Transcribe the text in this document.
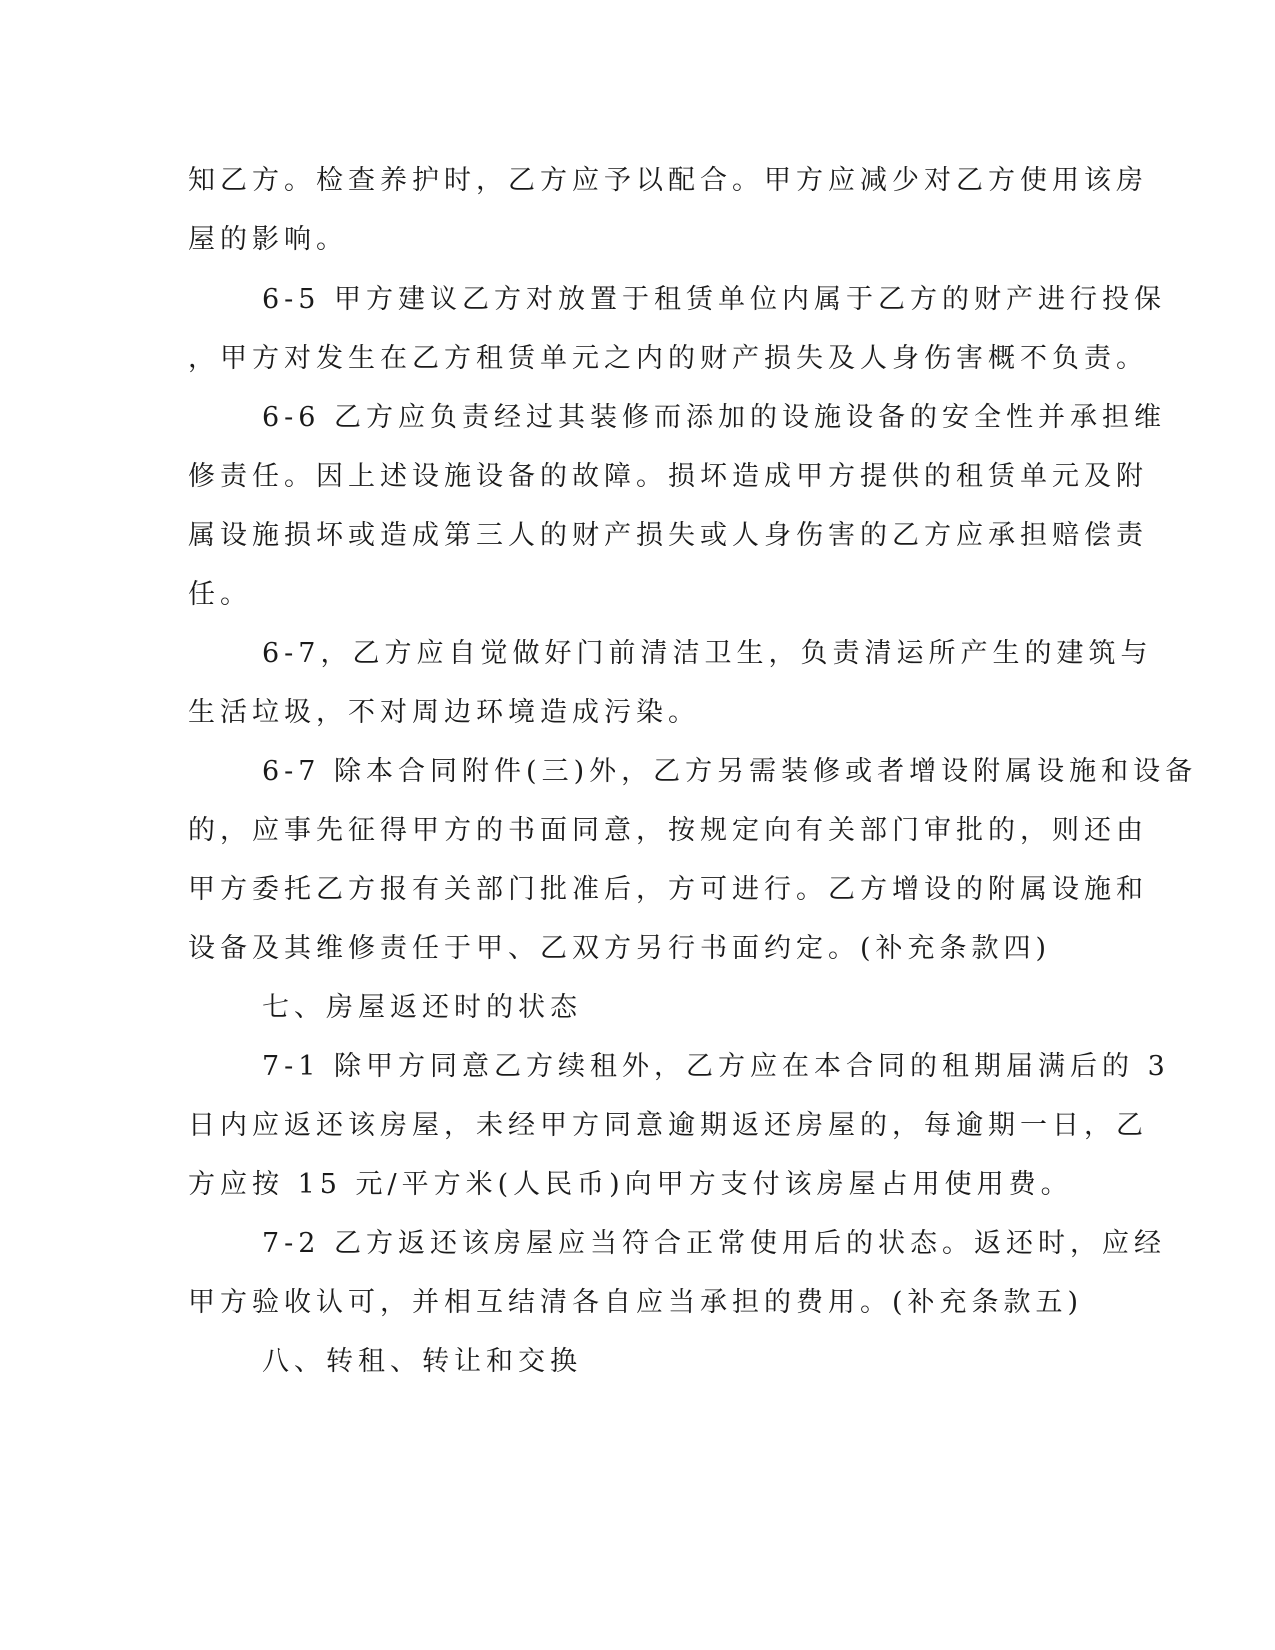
知乙方。检查养护时，乙方应予以配合。甲方应减少对乙方使用该房
屋的影响。
6-5 甲方建议乙方对放置于租赁单位内属于乙方的财产进行投保
，甲方对发生在乙方租赁单元之内的财产损失及人身伤害概不负责。
6-6 乙方应负责经过其装修而添加的设施设备的安全性并承担维
修责任。因上述设施设备的故障。损坏造成甲方提供的租赁单元及附
属设施损坏或造成第三人的财产损失或人身伤害的乙方应承担赔偿责
任。
6-7，乙方应自觉做好门前清洁卫生，负责清运所产生的建筑与
生活垃圾，不对周边环境造成污染。
6-7 除本合同附件(三)外，乙方另需装修或者增设附属设施和设备
的，应事先征得甲方的书面同意，按规定向有关部门审批的，则还由
甲方委托乙方报有关部门批准后，方可进行。乙方增设的附属设施和
设备及其维修责任于甲、乙双方另行书面约定。(补充条款四)
七、房屋返还时的状态
7-1 除甲方同意乙方续租外，乙方应在本合同的租期届满后的 3
日内应返还该房屋，未经甲方同意逾期返还房屋的，每逾期一日，乙
方应按 15 元/平方米(人民币)向甲方支付该房屋占用使用费。
7-2 乙方返还该房屋应当符合正常使用后的状态。返还时，应经
甲方验收认可，并相互结清各自应当承担的费用。(补充条款五)
八、转租、转让和交换
